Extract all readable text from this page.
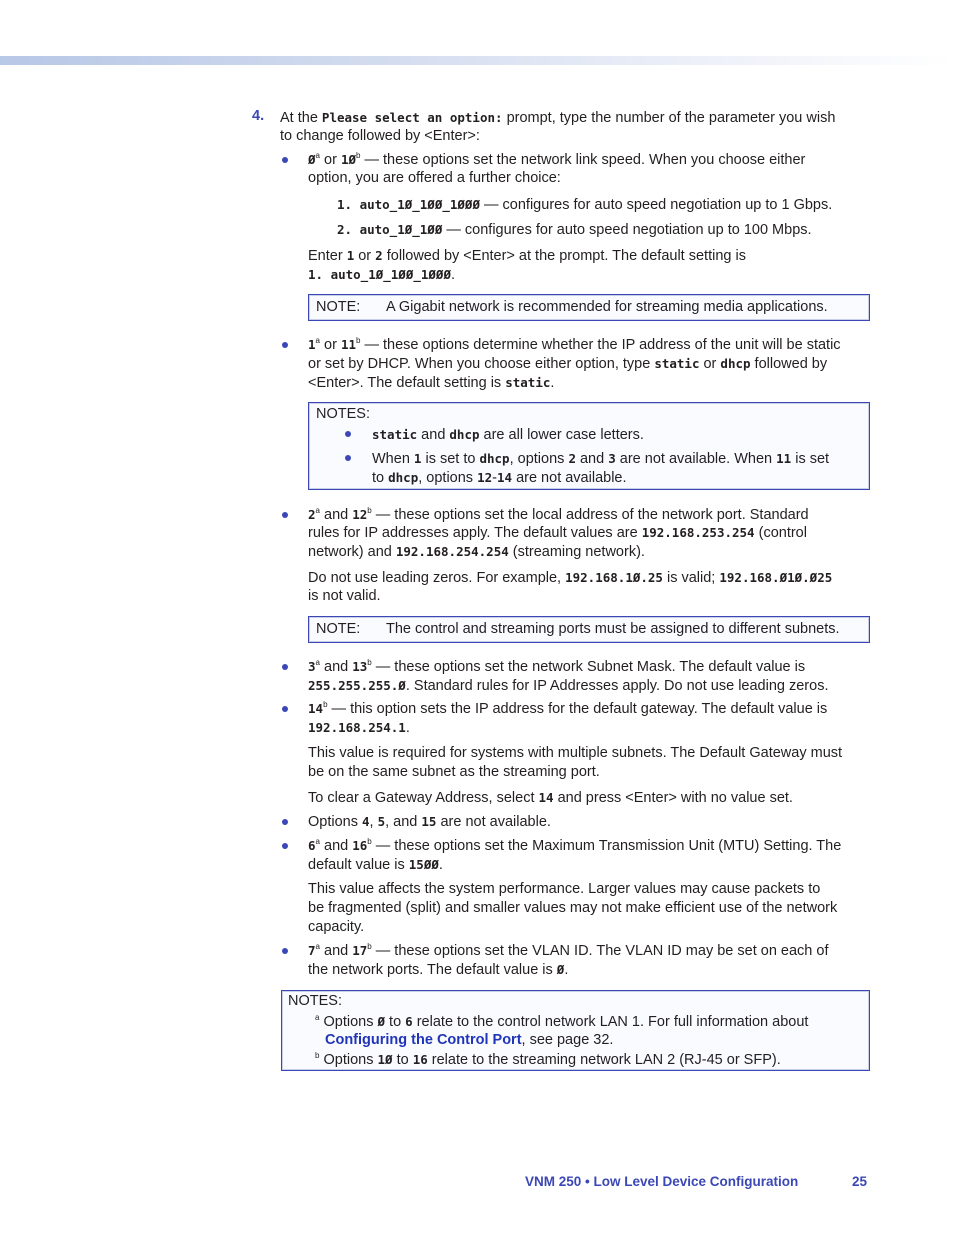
4. At the Please select an option: prompt, type the number of the parameter you wish
to change followed by <Enter>:
$Ø^a$ or $1Ø^b$ — these options set the network link speed. When you choose either
option, you are offered a further choice:
1. auto_1Ø_1ØØ_1ØØØ — configures for auto speed negotiation up to 1 Gbps.
2. auto_1Ø_1ØØ — configures for auto speed negotiation up to 100 Mbps.
Enter 1 or 2 followed by <Enter> at the prompt. The default setting is
1. auto_1Ø_1ØØ_1ØØØ.
NOTE: A Gigabit network is recommended for streaming media applications.
1$^a$ or 11$^b$ — these options determine whether the IP address of the unit will be static
or set by DHCP. When you choose either option, type static or dhcp followed by
<Enter>. The default setting is static.
NOTES:
static and dhcp are all lower case letters.
When 1 is set to dhcp, options 2 and 3 are not available. When 11 is set
to dhcp, options 12-14 are not available.
2$^a$ and 12$^b$ — these options set the local address of the network port. Standard
rules for IP addresses apply. The default values are 192.168.253.254 (control
network) and 192.168.254.254 (streaming network).
Do not use leading zeros. For example, 192.168.1Ø.25 is valid; 192.168.Ø1Ø.Ø25
is not valid.
NOTE: The control and streaming ports must be assigned to different subnets.
3$^a$ and 13$^b$ — these options set the network Subnet Mask. The default value is
255.255.255.Ø. Standard rules for IP Addresses apply. Do not use leading zeros.
14$^b$ — this option sets the IP address for the default gateway. The default value is
192.168.254.1.
This value is required for systems with multiple subnets. The Default Gateway must
be on the same subnet as the streaming port.
To clear a Gateway Address, select 14 and press <Enter> with no value set.
Options 4, 5, and 15 are not available.
6$^a$ and 16$^b$ — these options set the Maximum Transmission Unit (MTU) Setting. The
default value is 15ØØ.
This value affects the system performance. Larger values may cause packets to
be fragmented (split) and smaller values may not make efficient use of the network
capacity.
7$^a$ and 17$^b$ — these options set the VLAN ID. The VLAN ID may be set on each of
the network ports. The default value is Ø.
NOTES:
$^a$ Options Ø to 6 relate to the control network LAN 1. For full information about
Configuring the Control Port, see page 32.
$^b$ Options 1Ø to 16 relate to the streaming network LAN 2 (RJ-45 or SFP).
VNM 250 • Low Level Device Configuration	25
